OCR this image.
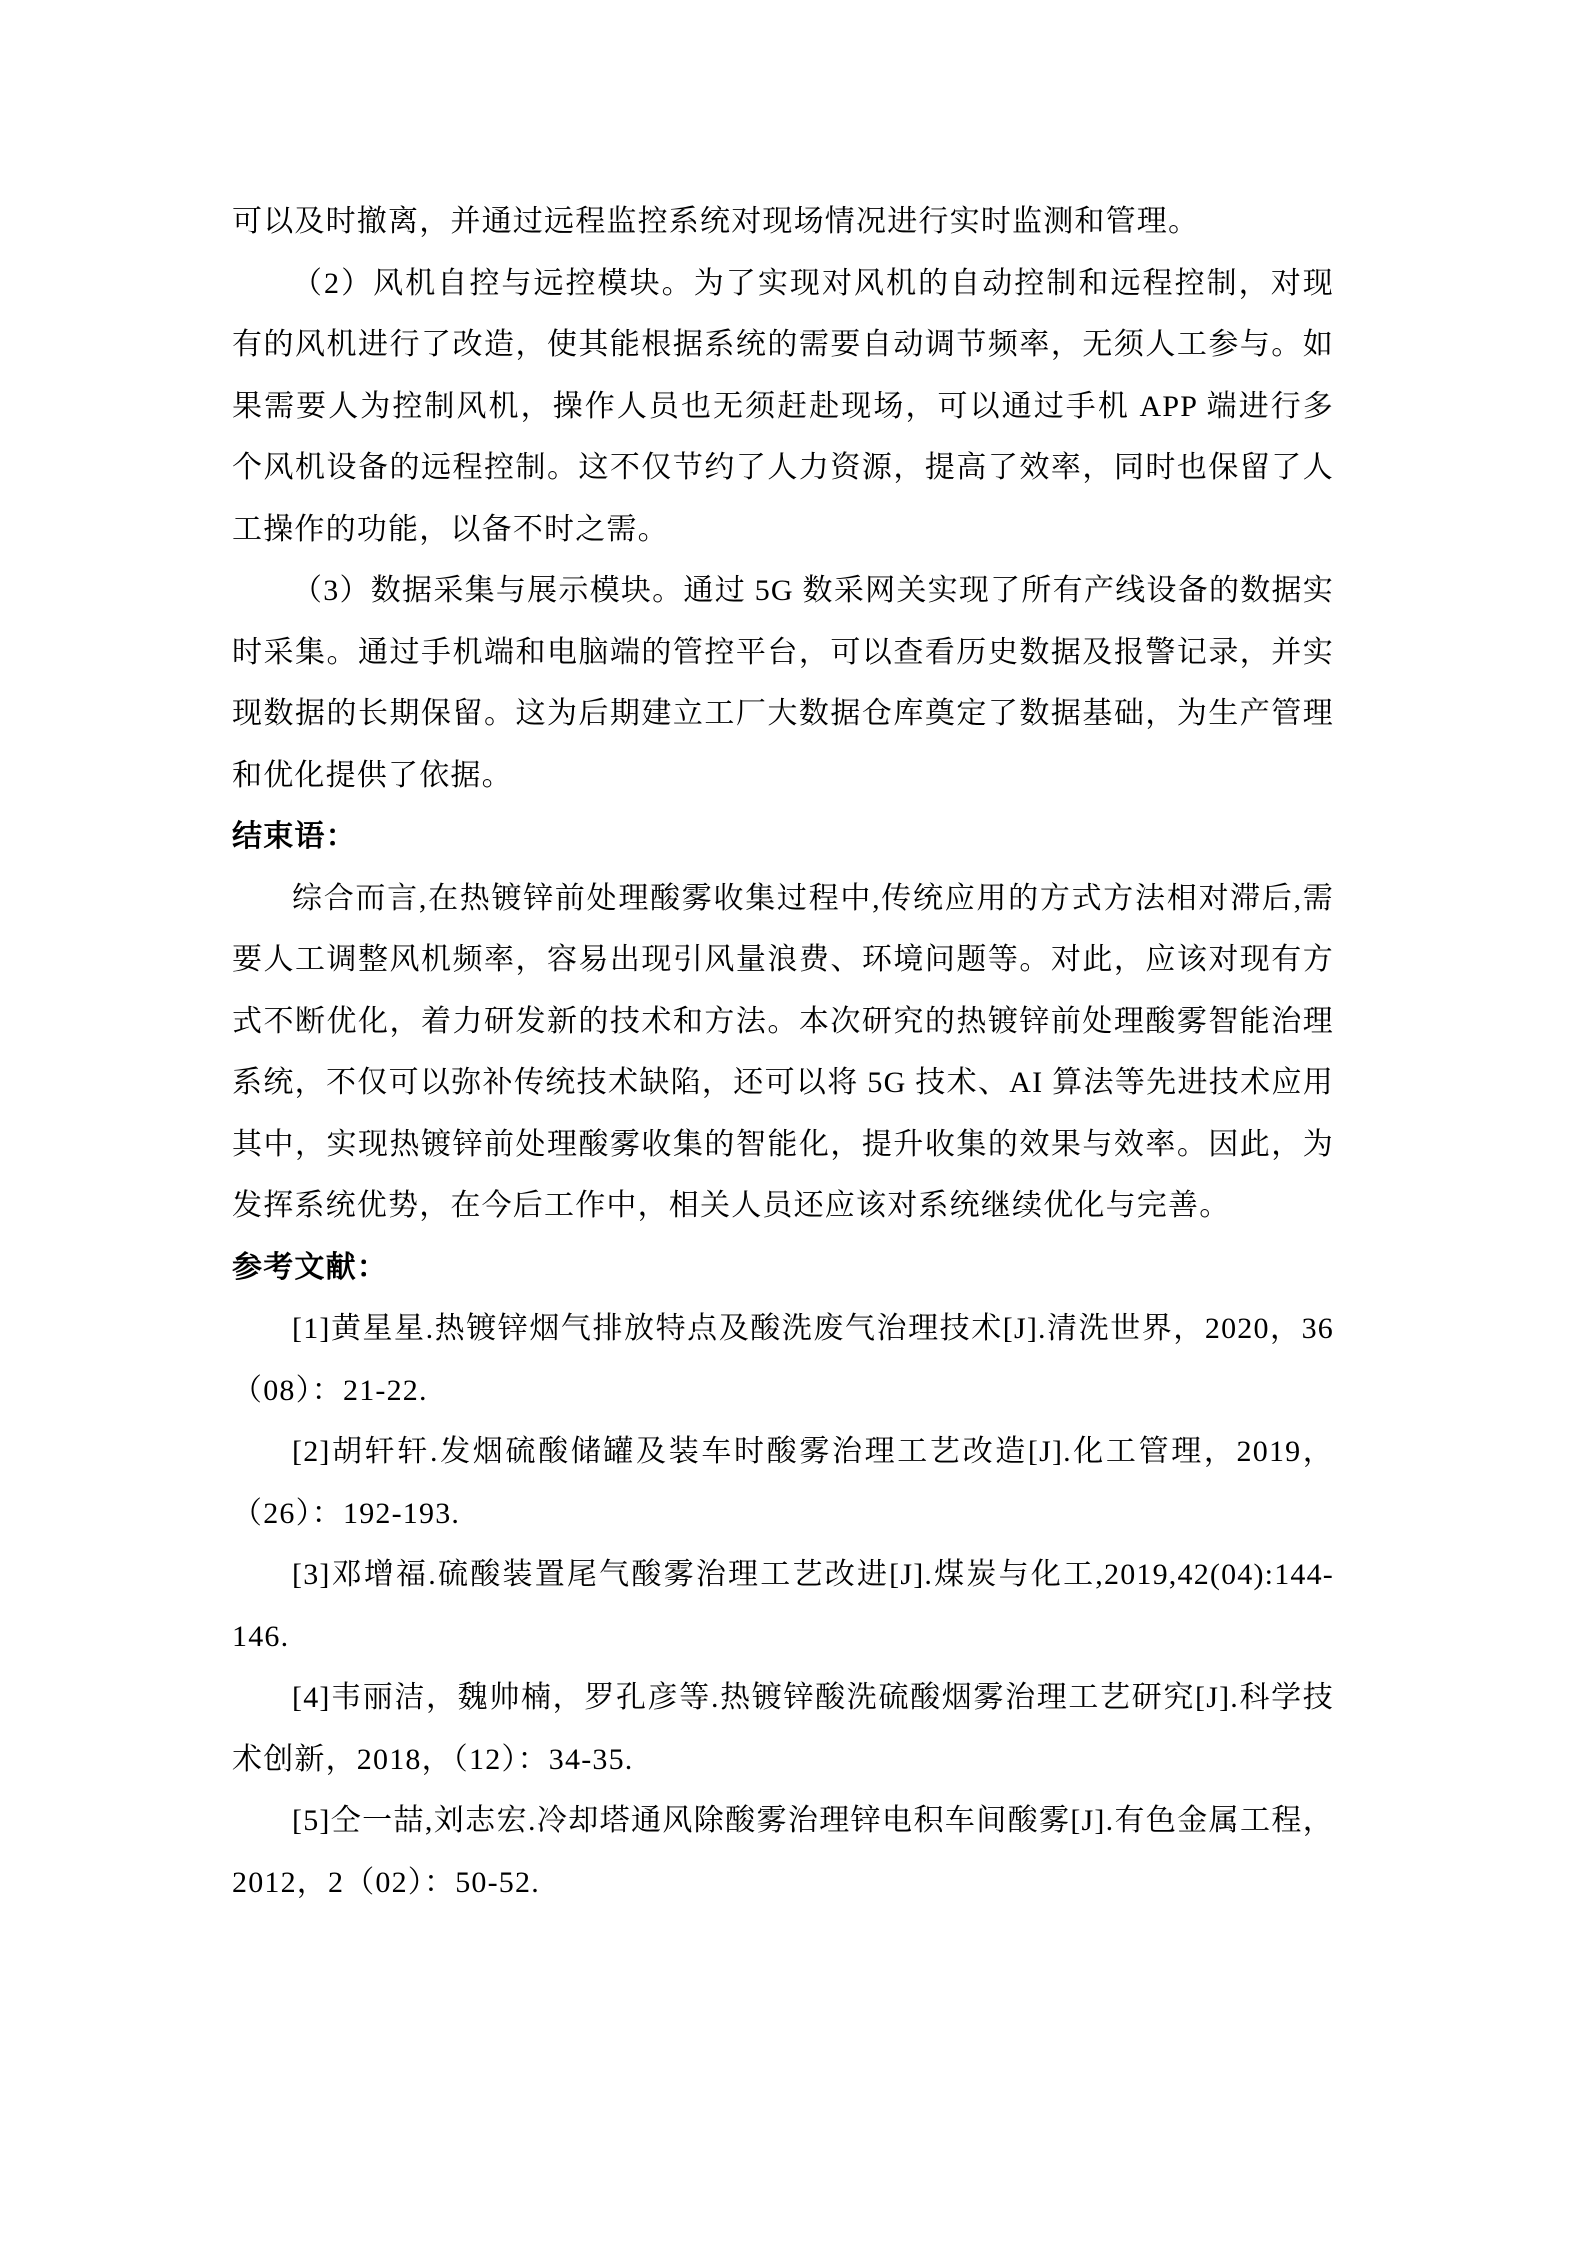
可以及时撤离，并通过远程监控系统对现场情况进行实时监测和管理。

（2）风机自控与远控模块。为了实现对风机的自动控制和远程控制，对现有的风机进行了改造，使其能根据系统的需要自动调节频率，无须人工参与。如果需要人为控制风机，操作人员也无须赶赴现场，可以通过手机 APP 端进行多个风机设备的远程控制。这不仅节约了人力资源，提高了效率，同时也保留了人工操作的功能，以备不时之需。

（3）数据采集与展示模块。通过 5G 数采网关实现了所有产线设备的数据实时采集。通过手机端和电脑端的管控平台，可以查看历史数据及报警记录，并实现数据的长期保留。这为后期建立工厂大数据仓库奠定了数据基础，为生产管理和优化提供了依据。

结束语：

综合而言,在热镀锌前处理酸雾收集过程中,传统应用的方式方法相对滞后,需要人工调整风机频率，容易出现引风量浪费、环境问题等。对此，应该对现有方式不断优化，着力研发新的技术和方法。本次研究的热镀锌前处理酸雾智能治理系统，不仅可以弥补传统技术缺陷，还可以将 5G 技术、AI 算法等先进技术应用其中，实现热镀锌前处理酸雾收集的智能化，提升收集的效果与效率。因此，为发挥系统优势，在今后工作中，相关人员还应该对系统继续优化与完善。

参考文献：

[1]黄星星.热镀锌烟气排放特点及酸洗废气治理技术[J].清洗世界，2020，36（08）：21-22.

[2]胡轩轩.发烟硫酸储罐及装车时酸雾治理工艺改造[J].化工管理，2019，（26）：192-193.

[3]邓增福.硫酸装置尾气酸雾治理工艺改进[J].煤炭与化工,2019,42(04):144-146.

[4]韦丽洁，魏帅楠，罗孔彦等.热镀锌酸洗硫酸烟雾治理工艺研究[J].科学技术创新，2018，（12）：34-35.

[5]仝一喆,刘志宏.冷却塔通风除酸雾治理锌电积车间酸雾[J].有色金属工程，2012，2（02）：50-52.
